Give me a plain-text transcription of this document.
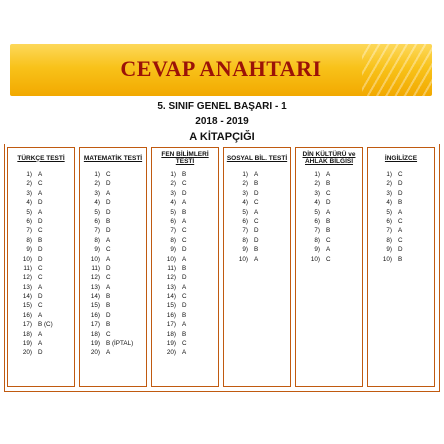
CEVAP ANAHTARI
5. SINIF GENEL BAŞARI - 1
2018 - 2019
A KİTAPÇIĞI
TÜRKÇE TESTİ
1) A
2) C
3) A
4) D
5) A
6) D
7) C
8) B
9) D
10) D
11) C
12) C
13) A
14) D
15) C
16) A
17) B (C)
18) A
19) A
20) D
MATEMATİK TESTİ
1) C
2) D
3) A
4) D
5) D
6) B
7) D
8) A
9) C
10) A
11) D
12) C
13) A
14) B
15) B
16) D
17) B
18) C
19) B (İPTAL)
20) A
FEN BİLİMLERİ TESTİ
1) B
2) C
3) D
4) A
5) B
6) A
7) C
8) C
9) D
10) A
11) B
12) D
13) A
14) C
15) D
16) B
17) A
18) B
19) C
20) A
SOSYAL BİL. TESTİ
1) A
2) B
3) D
4) C
5) A
6) C
7) D
8) D
9) B
10) A
DİN KÜLTÜRÜ ve AHLAK BİLGİSİ
1) A
2) B
3) C
4) D
5) A
6) B
7) B
8) C
9) A
10) C
İNGİLİZCE
1) C
2) D
3) D
4) B
5) A
6) C
7) A
8) C
9) D
10) B
